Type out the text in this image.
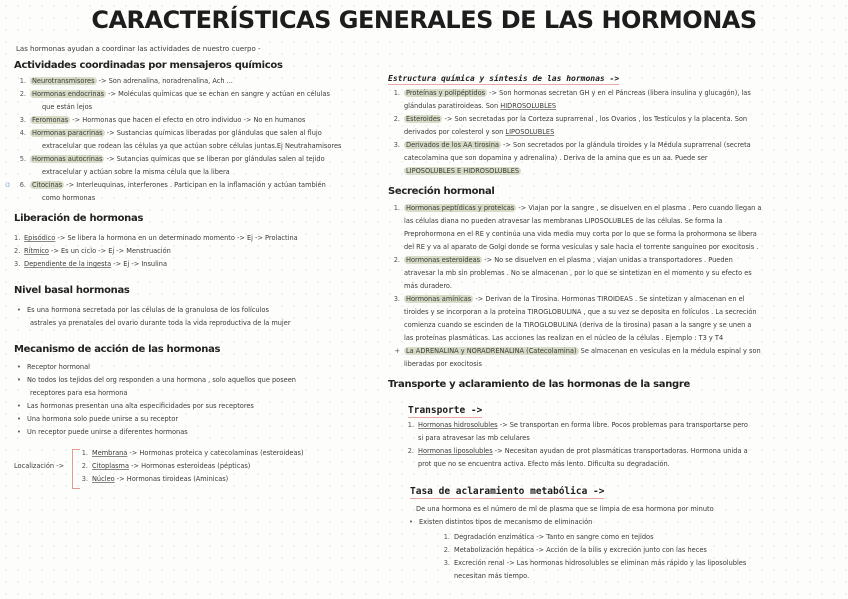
CARACTERÍSTICAS GENERALES DE LAS HORMONAS
ɑ

Las hormonas ayudan a coordinar las actividades de nuestro cuerpo -

Actividades coordinadas por mensajeros químicos
1. Neurotransmisores -> Son adrenalina, noradrenalina, Ach ...
2. Hormonas endocrinas -> Moléculas químicas que se echan en sangre y actúan en células
que están lejos
3. Feromonas -> Hormonas que hacen el efecto en otro individuo -> No en humanos
4. Hormonas paracrinas -> Sustancias químicas liberadas por glándulas que salen al flujo
extracelular que rodean las células ya que actúan sobre células juntas.Ej Neutrahamisores
5. Hormonas autocrinas -> Sutancias químicas que se liberan por glándulas salen al tejido
extracelular y actúan sobre la misma célula que la libera
6. Citocinas -> Interleuquinas, interferones . Participan en la inflamación y actúan también
como hormonas
Liberación de hormonas
1. Episódico -> Se libera la hormona en un determinado momento -> Ej -> Prolactina
2. Rítmico -> Es un ciclo -> Ej -> Menstruación
3. Dependiente de la ingesta -> Ej -> Insulina
Nivel basal hormonas
• Es una hormona secretada por las células de la granulosa de los folículos
astrales ya prenatales del ovario durante toda la vida reproductiva de la mujer
Mecanismo de acción de las hormonas
• Receptor hormonal
• No todos los tejidos del org responden a una hormona , solo aquellos que poseen
receptores para esa hormona
• Las hormonas presentan una alta especificidades por sus receptores
• Una hormona solo puede unirse a su receptor
• Un receptor puede unirse a diferentes hormonas
Localización ->
1. Membrana -> Hormonas proteica y catecolaminas (esteroideas)
2. Citoplasma -> Hormonas esteroideas (pépticas)
3. Núcleo -> Hormonas tiroideas (Aminicas)
Estructura química y síntesis de las hormonas ->
1. Proteínas y polipéptidos -> Son hormonas secretan GH y en el Páncreas (libera insulina y glucagón), las
glándulas paratiroideas. Son HIDROSOLUBLES
2. Esteroides -> Son secretadas por la Corteza suprarrenal , los Ovarios , los Testículos y la placenta. Son
derivados por colesterol y son LIPOSOLUBLES
3. Derivados de los AA tirosina -> Son secretados por la glándula tiroides y la Médula suprarrenal (secreta
catecolamina que son dopamina y adrenalina) . Deriva de la amina que es un aa. Puede ser
LIPOSOLUBLES E HIDROSOLUBLES
Secreción hormonal
1. Hormonas peptídicas y proteicas -> Viajan por la sangre , se disuelven en el plasma . Pero cuando llegan a
las células diana no pueden atravesar las membranas LIPOSOLUBLES de las células. Se forma la
Preprohormona en el RE y continúa una vida media muy corta por lo que se forma la prohormona se libera
del RE y va al aparato de Golgi donde se forma vesículas y sale hacia el torrente sanguíneo por exocitosis .
2. Hormonas esteroideas -> No se disuelven en el plasma , viajan unidas a transportadores . Pueden
atravesar la mb sin problemas . No se almacenan , por lo que se sintetizan en el momento y su efecto es
más duradero.
3. Hormonas amínicas -> Derivan de la Tirosina. Hormonas TIROIDEAS . Se sintetizan y almacenan en el
tiroides y se incorporan a la proteína TIROGLOBULINA , que a su vez se deposita en folículos . La secreción
comienza cuando se escinden de la TIROGLOBULINA (deriva de la tirosina) pasan a la sangre y se unen a
las proteínas plasmáticas. Las acciones las realizan en el núcleo de la células . Ejemplo : T3 y T4
+ La ADRENALINA y NORADRENALINA (Catecolamina) Se almacenan en vesículas en la médula espinal y son
liberadas por exocitosis
Transporte y aclaramiento de las hormonas de la sangre
Transporte ->
1. Hormonas hidrosolubles -> Se transportan en forma libre. Pocos problemas para transportarse pero
si para atravesar las mb celulares
2. Hormonas liposolubles -> Necesitan ayudan de prot plasmáticas transportadoras. Hormona unida a
prot que no se encuentra activa. Efecto más lento. Dificulta su degradación.
Tasa de aclaramiento metabólica ->
De una hormona es el número de ml de plasma que se limpia de esa hormona por minuto
• Existen distintos tipos de mecanismo de eliminación
1. Degradación enzimática -> Tanto en sangre como en tejidos
2. Metabolización hepática -> Acción de la bilis y excreción junto con las heces
3. Excreción renal -> Las hormonas hidrosolubles se eliminan más rápido y las liposolubles
necesitan más tiempo.
